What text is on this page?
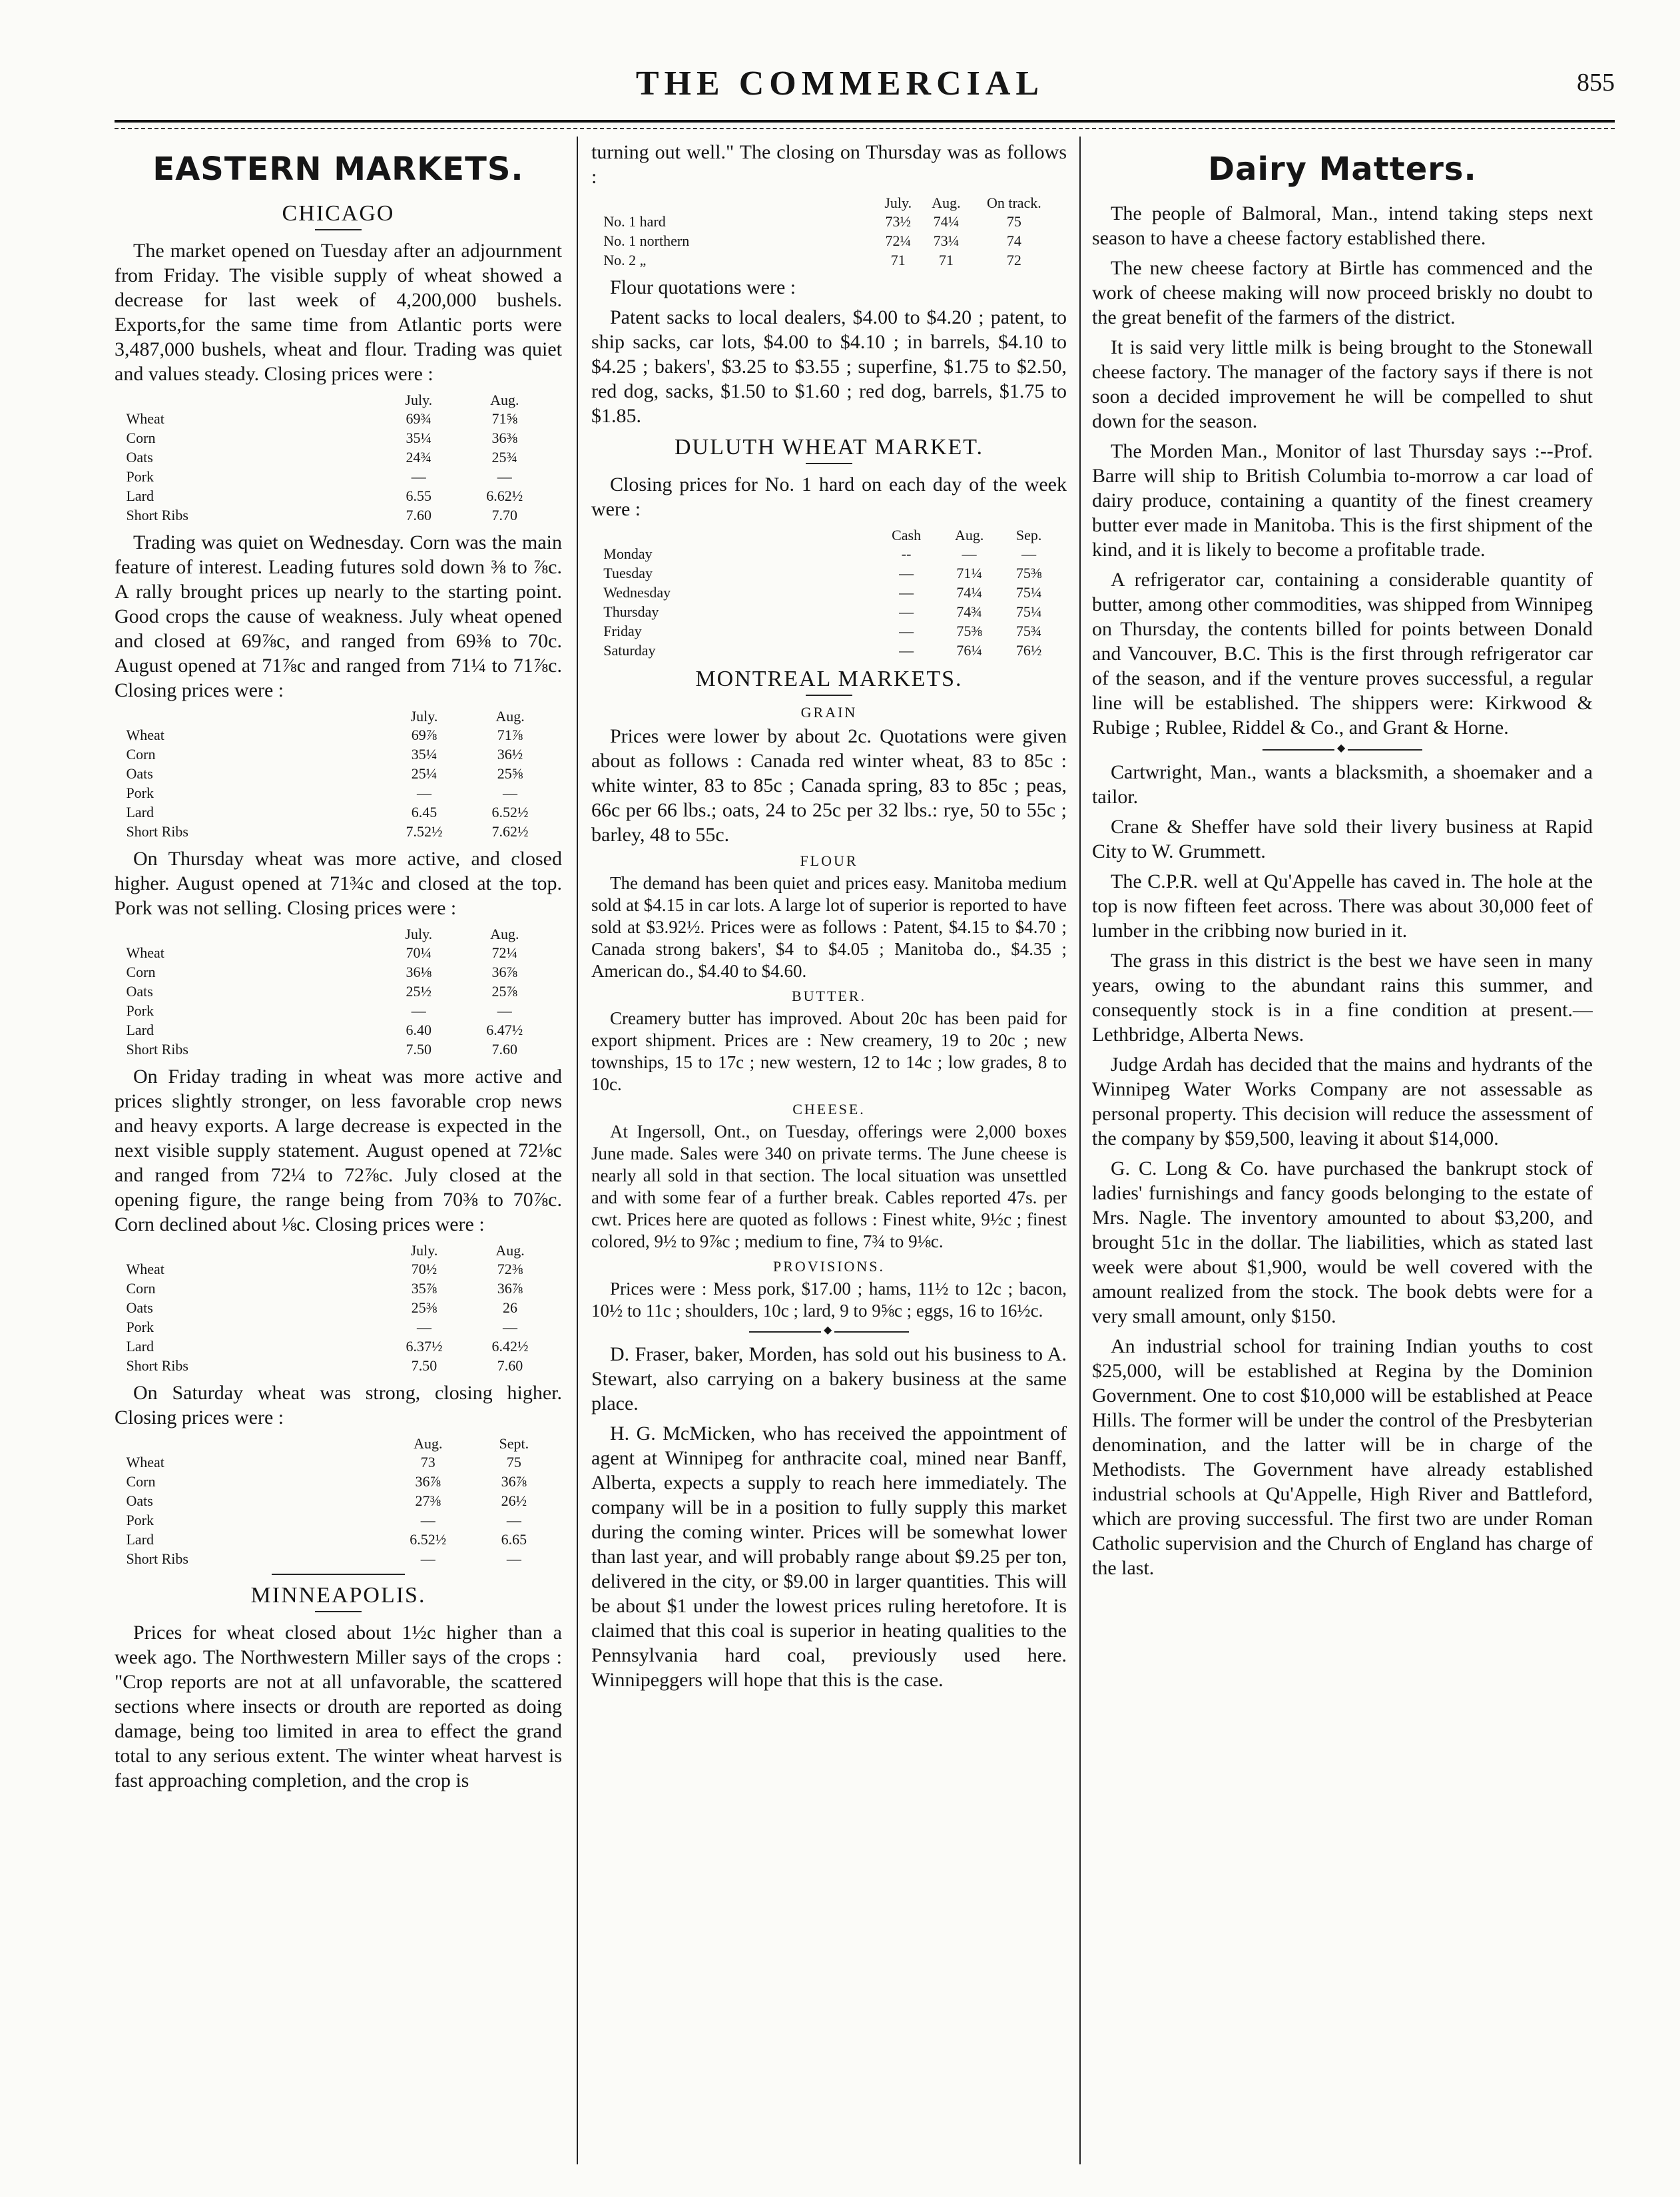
THE COMMERCIAL	855
EASTERN MARKETS.
CHICAGO

The market opened on Tuesday after an adjournment from Friday. The visible supply of wheat showed a decrease for last week of 4,200,000 bushels. Exports,for the same time from Atlantic ports were 3,487,000 bushels, wheat and flour. Trading was quiet and values steady. Closing prices were :

	July.	Aug.
Wheat	69¾	71⅝
Corn	35¼	36⅜
Oats	24¾	25¾
Pork	—	—
Lard	6.55	6.62½
Short Ribs	7.60	7.70

Trading was quiet on Wednesday. Corn was the main feature of interest. Leading futures sold down ⅜ to ⅞c. A rally brought prices up nearly to the starting point. Good crops the cause of weakness. July wheat opened and closed at 69⅞c, and ranged from 69⅜ to 70c. August opened at 71⅞c and ranged from 71¼ to 71⅞c. Closing prices were :

	July.	Aug.
Wheat	69⅞	71⅞
Corn	35¼	36½
Oats	25¼	25⅝
Pork	—	—
Lard	6.45	6.52½
Short Ribs	7.52½	7.62½

On Thursday wheat was more active, and closed higher. August opened at 71¾c and closed at the top. Pork was not selling. Closing prices were :

	July.	Aug.
Wheat	70¼	72¼
Corn	36⅛	36⅞
Oats	25½	25⅞
Pork	—	—
Lard	6.40	6.47½
Short Ribs	7.50	7.60

On Friday trading in wheat was more active and prices slightly stronger, on less favorable crop news and heavy exports. A large decrease is expected in the next visible supply statement. August opened at 72⅛c and ranged from 72¼ to 72⅞c. July closed at the opening figure, the range being from 70⅜ to 70⅞c. Corn declined about ⅛c. Closing prices were :

	July.	Aug.
Wheat	70½	72⅜
Corn	35⅞	36⅞
Oats	25⅜	26
Pork	—	—
Lard	6.37½	6.42½
Short Ribs	7.50	7.60

On Saturday wheat was strong, closing higher. Closing prices were :

	Aug.	Sept.
Wheat	73	75
Corn	36⅞	36⅞
Oats	27⅜	26½
Pork	—	—
Lard	6.52½	6.65
Short Ribs	—	—
MINNEAPOLIS.

Prices for wheat closed about 1½c higher than a week ago. The Northwestern Miller says of the crops : "Crop reports are not at all unfavorable, the scattered sections where insects or drouth are reported as doing damage, being too limited in area to effect the grand total to any serious extent. The winter wheat harvest is fast approaching completion, and the crop is

turning out well." The closing on Thursday was as follows :

	July.	Aug.	On track.
No. 1 hard	73½	74¼	75
No. 1 northern	72¼	73¼	74
No. 2 „	71	71	72

Flour quotations were :

Patent sacks to local dealers, $4.00 to $4.20 ; patent, to ship sacks, car lots, $4.00 to $4.10 ; in barrels, $4.10 to $4.25 ; bakers', $3.25 to $3.55 ; superfine, $1.75 to $2.50, red dog, sacks, $1.50 to $1.60 ; red dog, barrels, $1.75 to $1.85.

DULUTH WHEAT MARKET.

Closing prices for No. 1 hard on each day of the week were :

	Cash	Aug.	Sep.
Monday	--	—	—
Tuesday	—	71¼	75⅜
Wednesday	—	74¼	75¼
Thursday	—	74¾	75¼
Friday	—	75⅜	75¾
Saturday	—	76¼	76½
MONTREAL MARKETS.
GRAIN

Prices were lower by about 2c. Quotations were given about as follows : Canada red winter wheat, 83 to 85c : white winter, 83 to 85c ; Canada spring, 83 to 85c ; peas, 66c per 66 lbs.; oats, 24 to 25c per 32 lbs.: rye, 50 to 55c ; barley, 48 to 55c.

FLOUR

The demand has been quiet and prices easy. Manitoba medium sold at $4.15 in car lots. A large lot of superior is reported to have sold at $3.92½. Prices were as follows : Patent, $4.15 to $4.70 ; Canada strong bakers', $4 to $4.05 ; Manitoba do., $4.35 ; American do., $4.40 to $4.60.

BUTTER.

Creamery butter has improved. About 20c has been paid for export shipment. Prices are : New creamery, 19 to 20c ; new townships, 15 to 17c ; new western, 12 to 14c ; low grades, 8 to 10c.

CHEESE.

At Ingersoll, Ont., on Tuesday, offerings were 2,000 boxes June made. Sales were 340 on private terms. The June cheese is nearly all sold in that section. The local situation was unsettled and with some fear of a further break. Cables reported 47s. per cwt. Prices here are quoted as follows : Finest white, 9½c ; finest colored, 9½ to 9⅞c ; medium to fine, 7¾ to 9⅛c.

PROVISIONS.

Prices were : Mess pork, $17.00 ; hams, 11½ to 12c ; bacon, 10½ to 11c ; shoulders, 10c ; lard, 9 to 9⅝c ; eggs, 16 to 16½c.

◆

D. Fraser, baker, Morden, has sold out his business to A. Stewart, also carrying on a bakery business at the same place.

H. G. McMicken, who has received the appointment of agent at Winnipeg for anthracite coal, mined near Banff, Alberta, expects a supply to reach here immediately. The company will be in a position to fully supply this market during the coming winter. Prices will be somewhat lower than last year, and will probably range about $9.25 per ton, delivered in the city, or $9.00 in larger quantities. This will be about $1 under the lowest prices ruling heretofore. It is claimed that this coal is superior in heating qualities to the Pennsylvania hard coal, previously used here. Winnipeggers will hope that this is the case.

Dairy Matters.

The people of Balmoral, Man., intend taking steps next season to have a cheese factory established there.

The new cheese factory at Birtle has commenced and the work of cheese making will now proceed briskly no doubt to the great benefit of the farmers of the district.

It is said very little milk is being brought to the Stonewall cheese factory. The manager of the factory says if there is not soon a decided improvement he will be compelled to shut down for the season.

The Morden Man., Monitor of last Thursday says :--Prof. Barre will ship to British Columbia to-morrow a car load of dairy produce, containing a quantity of the finest creamery butter ever made in Manitoba. This is the first shipment of the kind, and it is likely to become a profitable trade.

A refrigerator car, containing a considerable quantity of butter, among other commodities, was shipped from Winnipeg on Thursday, the contents billed for points between Donald and Vancouver, B.C. This is the first through refrigerator car of the season, and if the venture proves successful, a regular line will be established. The shippers were: Kirkwood & Rubige ; Rublee, Riddel & Co., and Grant & Horne.

◆

Cartwright, Man., wants a blacksmith, a shoemaker and a tailor.

Crane & Sheffer have sold their livery business at Rapid City to W. Grummett.

The C.P.R. well at Qu'Appelle has caved in. The hole at the top is now fifteen feet across. There was about 30,000 feet of lumber in the cribbing now buried in it.

The grass in this district is the best we have seen in many years, owing to the abundant rains this summer, and consequently stock is in a fine condition at present.—Lethbridge, Alberta News.

Judge Ardah has decided that the mains and hydrants of the Winnipeg Water Works Company are not assessable as personal property. This decision will reduce the assessment of the company by $59,500, leaving it about $14,000.

G. C. Long & Co. have purchased the bankrupt stock of ladies' furnishings and fancy goods belonging to the estate of Mrs. Nagle. The inventory amounted to about $3,200, and brought 51c in the dollar. The liabilities, which as stated last week were about $1,900, would be well covered with the amount realized from the stock. The book debts were for a very small amount, only $150.

An industrial school for training Indian youths to cost $25,000, will be established at Regina by the Dominion Government. One to cost $10,000 will be established at Peace Hills. The former will be under the control of the Presbyterian denomination, and the latter will be in charge of the Methodists. The Government have already established industrial schools at Qu'Appelle, High River and Battleford, which are proving successful. The first two are under Roman Catholic supervision and the Church of England has charge of the last.
